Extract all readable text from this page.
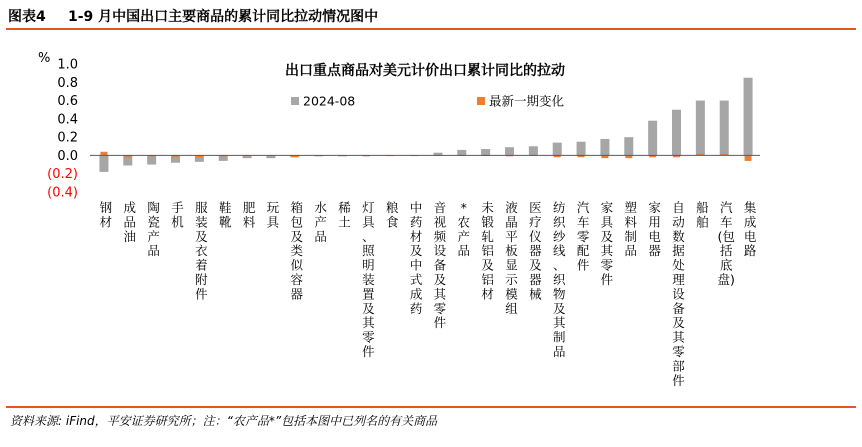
图表4 1-9 月中国出口主要商品的累计同比拉动情况图中
出口重点商品对美元计价出口累计同比的拉动
%
2024-08	最新一期变化
1.0
0.8
0.6
0.4
0.2
0.0
(0.2)
(0.4)
钢
材
成
品
油
陶
瓷
产
品
手
机
服
装
及
衣
着
附
件
鞋
靴
肥
料
玩
具
箱
包
及
类
似
容
器
水
产
品
稀
土
灯
具
、
照
明
装
置
及
其
零
件
粮
食
中
药
材
及
中
式
成
药
音
视
频
设
备
及
其
零
件
*
农
产
品
未
锻
轧
铝
及
铝
材
液
晶
平
板
显
示
模
组
医
疗
仪
器
及
器
械
纺
织
纱
线
、
织
物
及
其
制
品
汽
车
零
配
件
家
具
及
其
零
件
塑
料
制
品
家
用
电
器
自
动
数
据
处
理
设
备
及
其
零
部
件
船
舶
汽
车
(包
括
底
盘)
集
成
电
路
资料来源: iFind，平安证券研究所；注：“农产品*”包括本图中已列名的有关商品
